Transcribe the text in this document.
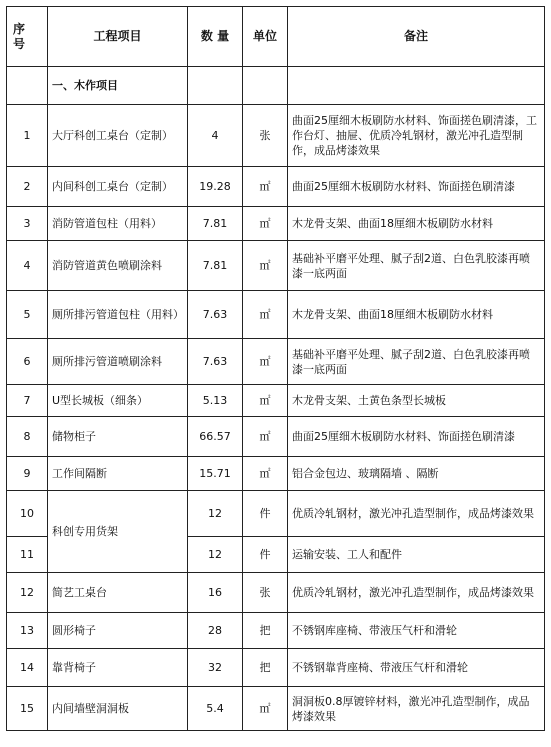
序
号	工程项目	数 量	单位	备注
	一、木作项目			
1	大厅科创工桌台（定制）	4	张	曲面25厘细木板刷防水材料、饰面搓色刷清漆，工作台灯、抽屉、优质冷轧钢材，激光冲孔造型制作，成品烤漆效果
2	内间科创工桌台（定制）	19.28	㎡	曲面25厘细木板刷防水材料、饰面搓色刷清漆
3	消防管道包柱（用料）	7.81	㎡	木龙骨支架、曲面18厘细木板刷防水材料
4	消防管道黄色喷刷涂料	7.81	㎡	基础补平磨平处理、腻子刮2道、白色乳胶漆再喷漆一底两面
5	厕所排污管道包柱（用料）	7.63	㎡	木龙骨支架、曲面18厘细木板刷防水材料
6	厕所排污管道喷刷涂料	7.63	㎡	基础补平磨平处理、腻子刮2道、白色乳胶漆再喷漆一底两面
7	U型长城板（细条）	5.13	㎡	木龙骨支架、土黄色条型长城板
8	储物柜子	66.57	㎡	曲面25厘细木板刷防水材料、饰面搓色刷清漆
9	工作间隔断	15.71	㎡	铝合金包边、玻璃隔墙 、隔断
10	科创专用货架	12	件	优质冷轧钢材，激光冲孔造型制作，成品烤漆效果
11		12	件	运输安装、工人和配件
12	简艺工桌台	16	张	优质冷轧钢材，激光冲孔造型制作，成品烤漆效果
13	圆形椅子	28	把	不锈钢库座椅、带液压气杆和滑轮
14	靠背椅子	32	把	不锈钢靠背座椅、带液压气杆和滑轮
15	内间墙壁洞洞板	5.4	㎡	洞洞板0.8厚镀锌材料，激光冲孔造型制作，成品烤漆效果
